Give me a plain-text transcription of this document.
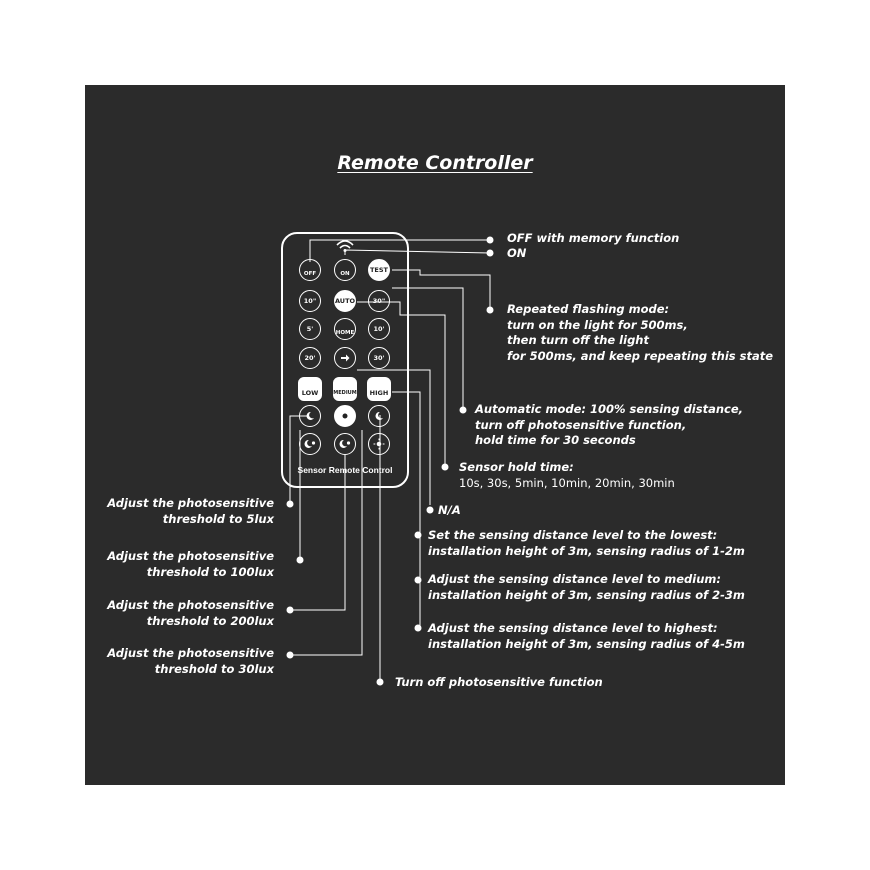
Remote Controller
OFF	ON	TEST
10"	AUTO	30"
5'	HOME	10'
20'	30'
LOW	MEDIUM HIGH
Sensor Remote Control
OFF with memory function
ON
Repeated flashing mode:
turn on the light for 500ms,
then turn off the light
for 500ms, and keep repeating this state
Automatic mode: 100% sensing distance,
turn off photosensitive function,
hold time for 30 seconds
Sensor hold time:
10s, 30s, 5min, 10min, 20min, 30min
N/A
Set the sensing distance level to the lowest:
installation height of 3m, sensing radius of 1-2m
Adjust the sensing distance level to medium:
installation height of 3m, sensing radius of 2-3m
Adjust the sensing distance level to highest:
installation height of 3m, sensing radius of 4-5m
Turn off photosensitive function
Adjust the photosensitive
threshold to 5lux
Adjust the photosensitive
threshold to 100lux
Adjust the photosensitive
threshold to 200lux
Adjust the photosensitive
threshold to 30lux
